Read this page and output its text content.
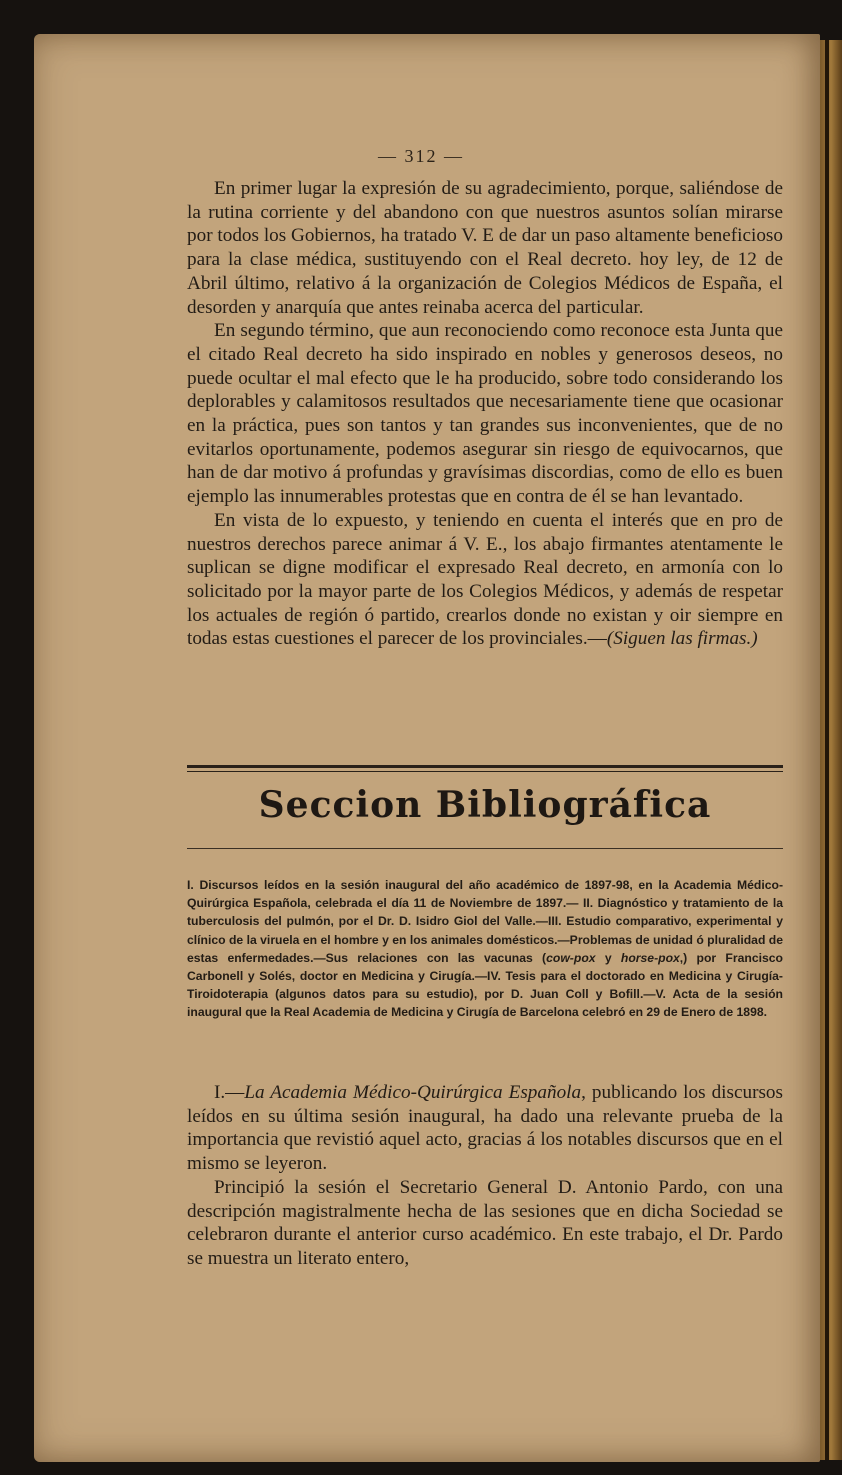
— 312 —

En primer lugar la expresión de su agradecimiento, porque, saliéndose de la rutina corriente y del abandono con que nuestros asuntos solían mirarse por todos los Gobiernos, ha tratado V. E de dar un paso altamente beneficioso para la clase médica, sustituyendo con el Real decreto. hoy ley, de 12 de Abril último, relativo á la organización de Colegios Médicos de España, el desorden y anarquía que antes reinaba acerca del particular.

En segundo término, que aun reconociendo como reconoce esta Junta que el citado Real decreto ha sido inspirado en nobles y generosos deseos, no puede ocultar el mal efecto que le ha producido, sobre todo considerando los deplorables y calamitosos resultados que necesariamente tiene que ocasionar en la práctica, pues son tantos y tan grandes sus inconvenientes, que de no evitarlos oportunamente, podemos asegurar sin riesgo de equivocarnos, que han de dar motivo á profundas y gravísimas discordias, como de ello es buen ejemplo las innumerables protestas que en contra de él se han levantado.

En vista de lo expuesto, y teniendo en cuenta el interés que en pro de nuestros derechos parece animar á V. E., los abajo firmantes atentamente le suplican se digne modificar el expresado Real decreto, en armonía con lo solicitado por la mayor parte de los Colegios Médicos, y además de respetar los actuales de región ó partido, crearlos donde no existan y oir siempre en todas estas cuestiones el parecer de los provinciales.—(Siguen las firmas.)

Seccion Bibliográfica
I. Discursos leídos en la sesión inaugural del año académico de 1897-98, en la Academia Médico-Quirúrgica Española, celebrada el día 11 de Noviembre de 1897.— II. Diagnóstico y tratamiento de la tuberculosis del pulmón, por el Dr. D. Isidro Giol del Valle.—III. Estudio comparativo, experimental y clínico de la viruela en el hombre y en los animales domésticos.—Problemas de unidad ó pluralidad de estas enfermedades.—Sus relaciones con las vacunas (cow-pox y horse-pox,) por Francisco Carbonell y Solés, doctor en Medicina y Cirugía.—IV. Tesis para el doctorado en Medicina y Cirugía-Tiroidoterapia (algunos datos para su estudio), por D. Juan Coll y Bofill.—V. Acta de la sesión inaugural que la Real Academia de Medicina y Cirugía de Barcelona celebró en 29 de Enero de 1898.

I.—La Academia Médico-Quirúrgica Española, publicando los discursos leídos en su última sesión inaugural, ha dado una relevante prueba de la importancia que revistió aquel acto, gracias á los notables discursos que en el mismo se leyeron.

Principió la sesión el Secretario General D. Antonio Pardo, con una descripción magistralmente hecha de las sesiones que en dicha Sociedad se celebraron durante el anterior curso académico. En este trabajo, el Dr. Pardo se muestra un literato entero,
